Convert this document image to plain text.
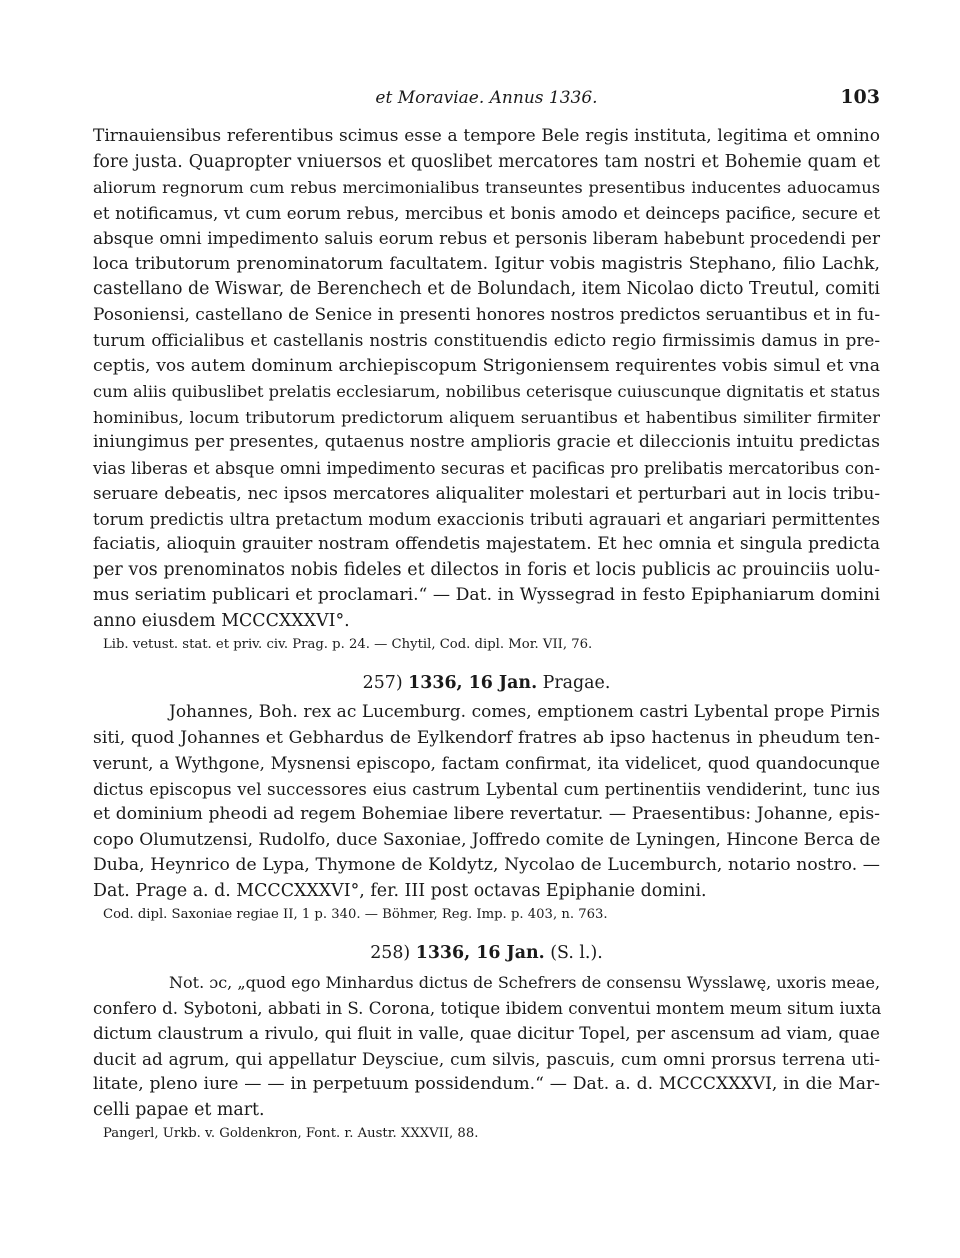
et Moraviae. Annus 1336.	103
Tirnauiensibus referentibus scimus esse a tempore Bele regis instituta, legitima et omnino
fore justa. Quapropter vniuersos et quoslibet mercatores tam nostri et Bohemie quam et
aliorum regnorum cum rebus mercimonialibus transeuntes presentibus inducentes aduocamus
et notificamus, vt cum eorum rebus, mercibus et bonis amodo et deinceps pacifice, secure et
absque omni impedimento saluis eorum rebus et personis liberam habebunt procedendi per
loca tributorum prenominatorum facultatem. Igitur vobis magistris Stephano, filio Lachk,
castellano de Wiswar, de Berenchech et de Bolundach, item Nicolao dicto Treutul, comiti
Posoniensi, castellano de Senice in presenti honores nostros predictos seruantibus et in fu-
turum officialibus et castellanis nostris constituendis edicto regio firmissimis damus in pre-
ceptis, vos autem dominum archiepiscopum Strigoniensem requirentes vobis simul et vna
cum aliis quibuslibet prelatis ecclesiarum, nobilibus ceterisque cuiuscunque dignitatis et status
hominibus, locum tributorum predictorum aliquem seruantibus et habentibus similiter firmiter
iniungimus per presentes, qutaenus nostre amplioris gracie et dileccionis intuitu predictas
vias liberas et absque omni impedimento securas et pacificas pro prelibatis mercatoribus con-
seruare debeatis, nec ipsos mercatores aliqualiter molestari et perturbari aut in locis tribu-
torum predictis ultra pretactum modum exaccionis tributi agrauari et angariari permittentes
faciatis, alioquin grauiter nostram offendetis majestatem. Et hec omnia et singula predicta
per vos prenominatos nobis fideles et dilectos in foris et locis publicis ac prouinciis uolu-
mus seriatim publicari et proclamari.“ — Dat. in Wyssegrad in festo Epiphaniarum domini
anno eiusdem MCCCXXXVI°.
Lib. vetust. stat. et priv. civ. Prag. p. 24. — Chytil, Cod. dipl. Mor. VII, 76.
257) 1336, 16 Jan. Pragae.
Johannes, Boh. rex ac Lucemburg. comes, emptionem castri Lybental prope Pirnis
siti, quod Johannes et Gebhardus de Eylkendorf fratres ab ipso hactenus in pheudum ten-
verunt, a Wythgone, Mysnensi episcopo, factam confirmat, ita videlicet, quod quandocunque
dictus episcopus vel successores eius castrum Lybental cum pertinentiis vendiderint, tunc ius
et dominium pheodi ad regem Bohemiae libere revertatur. — Praesentibus: Johanne, epis-
copo Olumutzensi, Rudolfo, duce Saxoniae, Joffredo comite de Lyningen, Hincone Berca de
Duba, Heynrico de Lypa, Thymone de Koldytz, Nycolao de Lucemburch, notario nostro. —
Dat. Prage a. d. MCCCXXXVI°, fer. III post octavas Epiphanie domini.
Cod. dipl. Saxoniae regiae II, 1 p. 340. — Böhmer, Reg. Imp. p. 403, n. 763.
258) 1336, 16 Jan. (S. l.).
Not. ɔc, „quod ego Minhardus dictus de Schefrers de consensu Wysslawę, uxoris meae,
confero d. Sybotoni, abbati in S. Corona, totique ibidem conventui montem meum situm iuxta
dictum claustrum a rivulo, qui fluit in valle, quae dicitur Topel, per ascensum ad viam, quae
ducit ad agrum, qui appellatur Deysciue, cum silvis, pascuis, cum omni prorsus terrena uti-
litate, pleno iure — — in perpetuum possidendum.“ — Dat. a. d. MCCCXXXVI, in die Mar-
celli papae et mart.
Pangerl, Urkb. v. Goldenkron, Font. r. Austr. XXXVII, 88.
